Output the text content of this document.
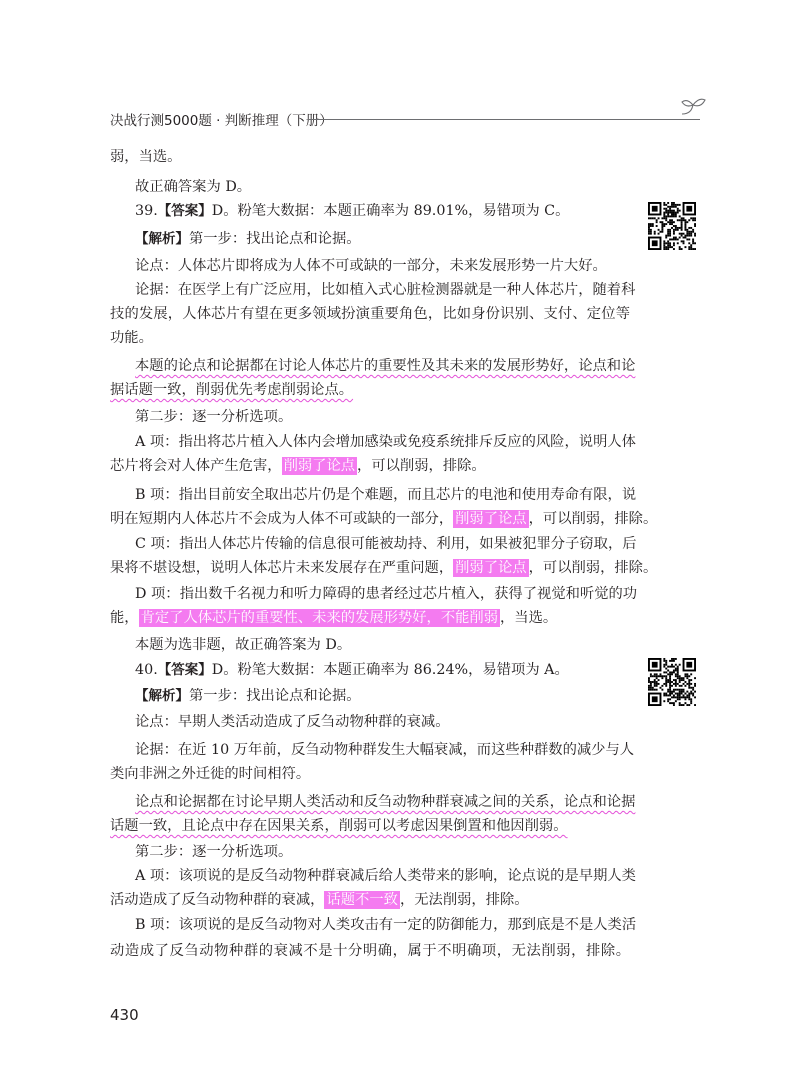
决战行测5000题 · 判断推理（下册）
弱，当选。
故正确答案为 D。
39.【答案】D。粉笔大数据：本题正确率为 89.01%，易错项为 C。
【解析】第一步：找出论点和论据。
论点：人体芯片即将成为人体不可或缺的一部分，未来发展形势一片大好。
论据：在医学上有广泛应用，比如植入式心脏检测器就是一种人体芯片，随着科
技的发展，人体芯片有望在更多领域扮演重要角色，比如身份识别、支付、定位等
功能。
本题的论点和论据都在讨论人体芯片的重要性及其未来的发展形势好，论点和论
据话题一致，削弱优先考虑削弱论点。
第二步：逐一分析选项。
A 项：指出将芯片植入人体内会增加感染或免疫系统排斥反应的风险，说明人体
芯片将会对人体产生危害， 削弱了论点 ，可以削弱，排除。
B 项：指出目前安全取出芯片仍是个难题，而且芯片的电池和使用寿命有限，说
明在短期内人体芯片不会成为人体不可或缺的一部分， 削弱了论点 ，可以削弱，排除。
C 项：指出人体芯片传输的信息很可能被劫持、利用，如果被犯罪分子窃取，后
果将不堪设想，说明人体芯片未来发展存在严重问题， 削弱了论点 ，可以削弱，排除。
D 项：指出数千名视力和听力障碍的患者经过芯片植入，获得了视觉和听觉的功
能， 肯定了人体芯片的重要性、未来的发展形势好，不能削弱 ，当选。
本题为选非题，故正确答案为 D。
40.【答案】D。粉笔大数据：本题正确率为 86.24%，易错项为 A。
【解析】第一步：找出论点和论据。
论点：早期人类活动造成了反刍动物种群的衰减。
论据：在近 10 万年前，反刍动物种群发生大幅衰减，而这些种群数的减少与人
类向非洲之外迁徙的时间相符。
论点和论据都在讨论早期人类活动和反刍动物种群衰减之间的关系，论点和论据
话题一致，且论点中存在因果关系，削弱可以考虑因果倒置和他因削弱。
第二步：逐一分析选项。
A 项：该项说的是反刍动物种群衰减后给人类带来的影响，论点说的是早期人类
活动造成了反刍动物种群的衰减， 话题不一致 ，无法削弱，排除。
B 项：该项说的是反刍动物对人类攻击有一定的防御能力，那到底是不是人类活
动造成了反刍动物种群的衰减不是十分明确，属于不明确项，无法削弱，排除。
430
